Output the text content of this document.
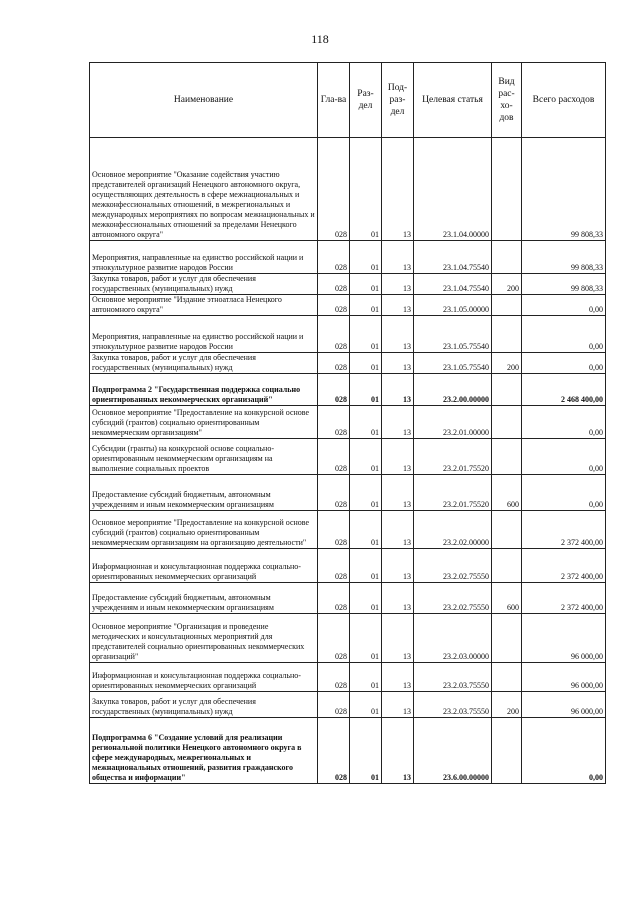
118
Наименование	Гла-ва	Раз-дел	Под-раз-дел	Целевая статья	Вид рас-хо-дов	Всего расходов
Основное мероприятие "Оказание содействия участию представителей организаций Ненецкого автономного округа, осуществляющих деятельность в сфере межнациональных и межконфессиональных отношений, в межрегиональных и международных мероприятиях по вопросам межнациональных и межконфессиональных отношений за пределами Ненецкого автономного округа"	028	01	13	23.1.04.00000		99 808,33
Мероприятия, направленные на единство российской нации и этнокультурное развитие народов России	028	01	13	23.1.04.75540		99 808,33
Закупка товаров, работ и услуг для обеспечения государственных (муниципальных) нужд	028	01	13	23.1.04.75540	200	99 808,33
Основное мероприятие "Издание этноатласа Ненецкого автономного округа"	028	01	13	23.1.05.00000		0,00
Мероприятия, направленные на единство российской нации и этнокультурное развитие народов России	028	01	13	23.1.05.75540		0,00
Закупка товаров, работ и услуг для обеспечения государственных (муниципальных) нужд	028	01	13	23.1.05.75540	200	0,00
Подпрограмма 2 "Государственная поддержка социально ориентированных некоммерческих организаций"	028	01	13	23.2.00.00000		2 468 400,00
Основное мероприятие "Предоставление на конкурсной основе субсидий (грантов) социально ориентированным некоммерческим организациям"	028	01	13	23.2.01.00000		0,00
Субсидии (гранты) на конкурсной основе социально-ориентированным некоммерческим организациям на выполнение социальных проектов	028	01	13	23.2.01.75520		0,00
Предоставление субсидий бюджетным, автономным учреждениям и иным некоммерческим организациям	028	01	13	23.2.01.75520	600	0,00
Основное мероприятие "Предоставление на конкурсной основе субсидий (грантов) социально ориентированным некоммерческим организациям на организацию деятельности"	028	01	13	23.2.02.00000		2 372 400,00
Информационная и консультационная поддержка социально-ориентированных некоммерческих организаций	028	01	13	23.2.02.75550		2 372 400,00
Предоставление субсидий бюджетным, автономным учреждениям и иным некоммерческим организациям	028	01	13	23.2.02.75550	600	2 372 400,00
Основное мероприятие "Организация и проведение методических и консультационных мероприятий для представителей социально ориентированных некоммерческих организаций"	028	01	13	23.2.03.00000		96 000,00
Информационная и консультационная поддержка социально-ориентированных некоммерческих организаций	028	01	13	23.2.03.75550		96 000,00
Закупка товаров, работ и услуг для обеспечения государственных (муниципальных) нужд	028	01	13	23.2.03.75550	200	96 000,00
Подпрограмма 6 "Создание условий для реализации региональной политики Ненецкого автономного округа в сфере международных, межрегиональных и межнациональных отношений, развития гражданского общества и информации"	028	01	13	23.6.00.00000		0,00
